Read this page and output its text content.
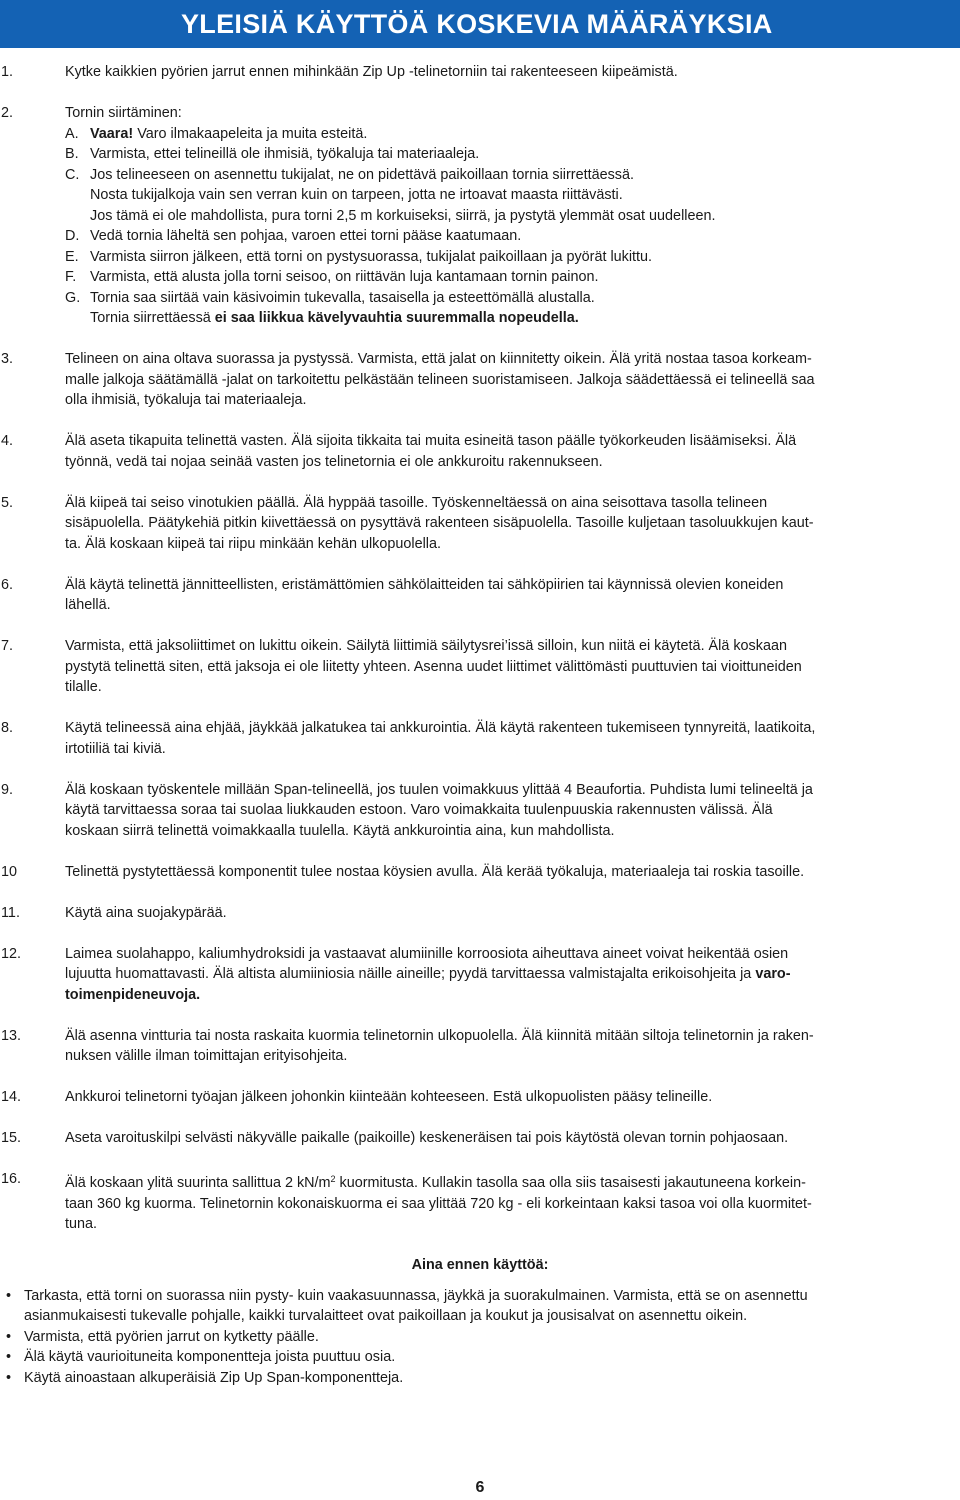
YLEISIÄ KÄYTTÖÄ KOSKEVIA MÄÄRÄYKSIA
1.	Kytke kaikkien pyörien jarrut ennen mihinkään Zip Up -telinetorniin tai rakenteeseen kiipeämistä.
2.	Tornin siirtäminen:
A. Vaara! Varo ilmakaapeleita ja muita esteitä.
B. Varmista, ettei telineillä ole ihmisiä, työkaluja tai materiaaleja.
C. Jos telineeseen on asennettu tukijalat, ne on pidettävä paikoillaan tornia siirrettäessä.
Nosta tukijalkoja vain sen verran kuin on tarpeen, jotta ne irtoavat maasta riittävästi.
Jos tämä ei ole mahdollista, pura torni 2,5 m korkuiseksi, siirrä, ja pystytä ylemmät osat uudelleen.
D. Vedä tornia läheltä sen pohjaa, varoen ettei torni pääse kaatumaan.
E. Varmista siirron jälkeen, että torni on pystysuorassa, tukijalat paikoillaan ja pyörät lukittu.
F. Varmista, että alusta jolla torni seisoo, on riittävän luja kantamaan tornin painon.
G. Tornia saa siirtää vain käsivoimin tukevalla, tasaisella ja esteettömällä alustalla.
Tornia siirrettäessä ei saa liikkua kävelyvauhtia suuremmalla nopeudella.
3.	Telineen on aina oltava suorassa ja pystyssä. Varmista, että jalat on kiinnitetty oikein. Älä yritä nostaa tasoa korkeam-
malle jalkoja säätämällä -jalat on tarkoitettu pelkästään telineen suoristamiseen. Jalkoja säädettäessä ei telineellä saa
olla ihmisiä, työkaluja tai materiaaleja.
4.	Älä aseta tikapuita telinettä vasten. Älä sijoita tikkaita tai muita esineitä tason päälle työkorkeuden lisäämiseksi. Älä
työnnä, vedä tai nojaa seinää vasten jos telinetornia ei ole ankkuroitu rakennukseen.
5.	Älä kiipeä tai seiso vinotukien päällä. Älä hyppää tasoille. Työskenneltäessä on aina seisottava tasolla telineen
sisäpuolella. Päätykehiä pitkin kiivettäessä on pysyttävä rakenteen sisäpuolella. Tasoille kuljetaan tasoluukkujen kaut-
ta. Älä koskaan kiipeä tai riipu minkään kehän ulkopuolella.
6.	Älä käytä telinettä jännitteellisten, eristämättömien sähkölaitteiden tai sähköpiirien tai käynnissä olevien koneiden
lähellä.
7.	Varmista, että jaksoliittimet on lukittu oikein. Säilytä liittimiä säilytysrei’issä silloin, kun niitä ei käytetä. Älä koskaan
pystytä telinettä siten, että jaksoja ei ole liitetty yhteen. Asenna uudet liittimet välittömästi puuttuvien tai vioittuneiden
tilalle.
8.	Käytä telineessä aina ehjää, jäykkää jalkatukea tai ankkurointia. Älä käytä rakenteen tukemiseen tynnyreitä, laatikoita,
irtotiiliä tai kiviä.
9.	Älä koskaan työskentele millään Span-telineellä, jos tuulen voimakkuus ylittää 4 Beaufortia. Puhdista lumi telineeltä ja
käytä tarvittaessa soraa tai suolaa liukkauden estoon. Varo voimakkaita tuulenpuuskia rakennusten välissä. Älä
koskaan siirrä telinettä voimakkaalla tuulella. Käytä ankkurointia aina, kun mahdollista.
10	Telinettä pystytettäessä komponentit tulee nostaa köysien avulla. Älä kerää työkaluja, materiaaleja tai roskia tasoille.
11.	Käytä aina suojakypärää.
12.	Laimea suolahappo, kaliumhydroksidi ja vastaavat alumiinille korroosiota aiheuttava aineet voivat heikentää osien
lujuutta huomattavasti. Älä altista alumiiniosia näille aineille; pyydä tarvittaessa valmistajalta erikoisohjeita ja varo-
toimenpideneuvoja.
13.	Älä asenna vintturia tai nosta raskaita kuormia telinetornin ulkopuolella. Älä kiinnitä mitään siltoja telinetornin ja raken-
nuksen välille ilman toimittajan erityisohjeita.
14.	Ankkuroi telinetorni työajan jälkeen johonkin kiinteään kohteeseen. Estä ulkopuolisten pääsy telineille.
15.	Aseta varoituskilpi selvästi näkyvälle paikalle (paikoille) keskeneräisen tai pois käytöstä olevan tornin pohjaosaan.
16.	Älä koskaan ylitä suurinta sallittua 2 $kN/m^2$ kuormitusta. Kullakin tasolla saa olla siis tasaisesti jakautuneena korkein-
taan 360 kg kuorma. Telinetornin kokonaiskuorma ei saa ylittää 720 kg - eli korkeintaan kaksi tasoa voi olla kuormitet-
tuna.
Aina ennen käyttöä:
• Tarkasta, että torni on suorassa niin pysty- kuin vaakasuunnassa, jäykkä ja suorakulmainen. Varmista, että se on asennettu
asianmukaisesti tukevalle pohjalle, kaikki turvalaitteet ovat paikoillaan ja koukut ja jousisalvat on asennettu oikein.
• Varmista, että pyörien jarrut on kytketty päälle.
• Älä käytä vaurioituneita komponentteja joista puuttuu osia.
• Käytä ainoastaan alkuperäisiä Zip Up Span-komponentteja.
6
